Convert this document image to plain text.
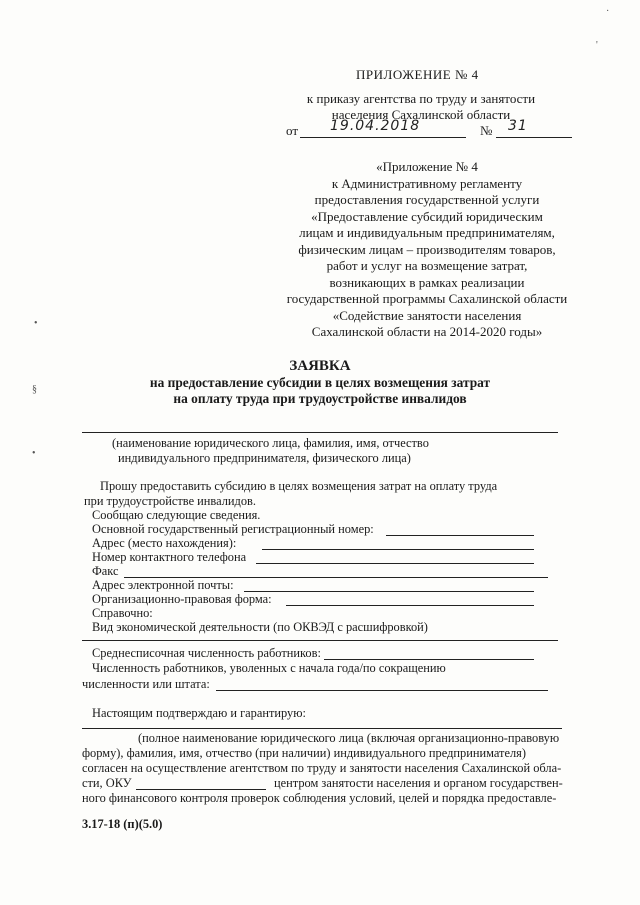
·
'
•
§
•
ПРИЛОЖЕНИЕ № 4
к приказу агентства по труду и занятости
населения Сахалинской области
от 19.04.2018	№ 31
«Приложение № 4
к Административному регламенту
предоставления государственной услуги
«Предоставление субсидий юридическим
лицам и индивидуальным предпринимателям,
физическим лицам – производителям товаров,
работ и услуг на возмещение затрат,
возникающих в рамках реализации
государственной программы Сахалинской области
«Содействие занятости населения
Сахалинской области на 2014-2020 годы»
ЗАЯВКА
на предоставление субсидии в целях возмещения затрат
на оплату труда при трудоустройстве инвалидов
(наименование юридического лица, фамилия, имя, отчество
индивидуального предпринимателя, физического лица)
Прошу предоставить субсидию в целях возмещения затрат на оплату труда
при трудоустройстве инвалидов.
Сообщаю следующие сведения.
Основной государственный регистрационный номер:
Адрес (место нахождения):
Номер контактного телефона
Факс
Адрес электронной почты:
Организационно-правовая форма:
Справочно:
Вид экономической деятельности (по ОКВЭД с расшифровкой)
Среднесписочная численность работников:
Численность работников, уволенных с начала года/по сокращению
численности или штата:
Настоящим подтверждаю и гарантирую:
(полное наименование юридического лица (включая организационно-правовую
форму), фамилия, имя, отчество (при наличии) индивидуального предпринимателя)
согласен на осуществление агентством по труду и занятости населения Сахалинской обла-
сти, ОКУ	центром занятости населения и органом государствен-
ного финансового контроля проверок соблюдения условий, целей и порядка предоставле-
3.17-18 (п)(5.0)
